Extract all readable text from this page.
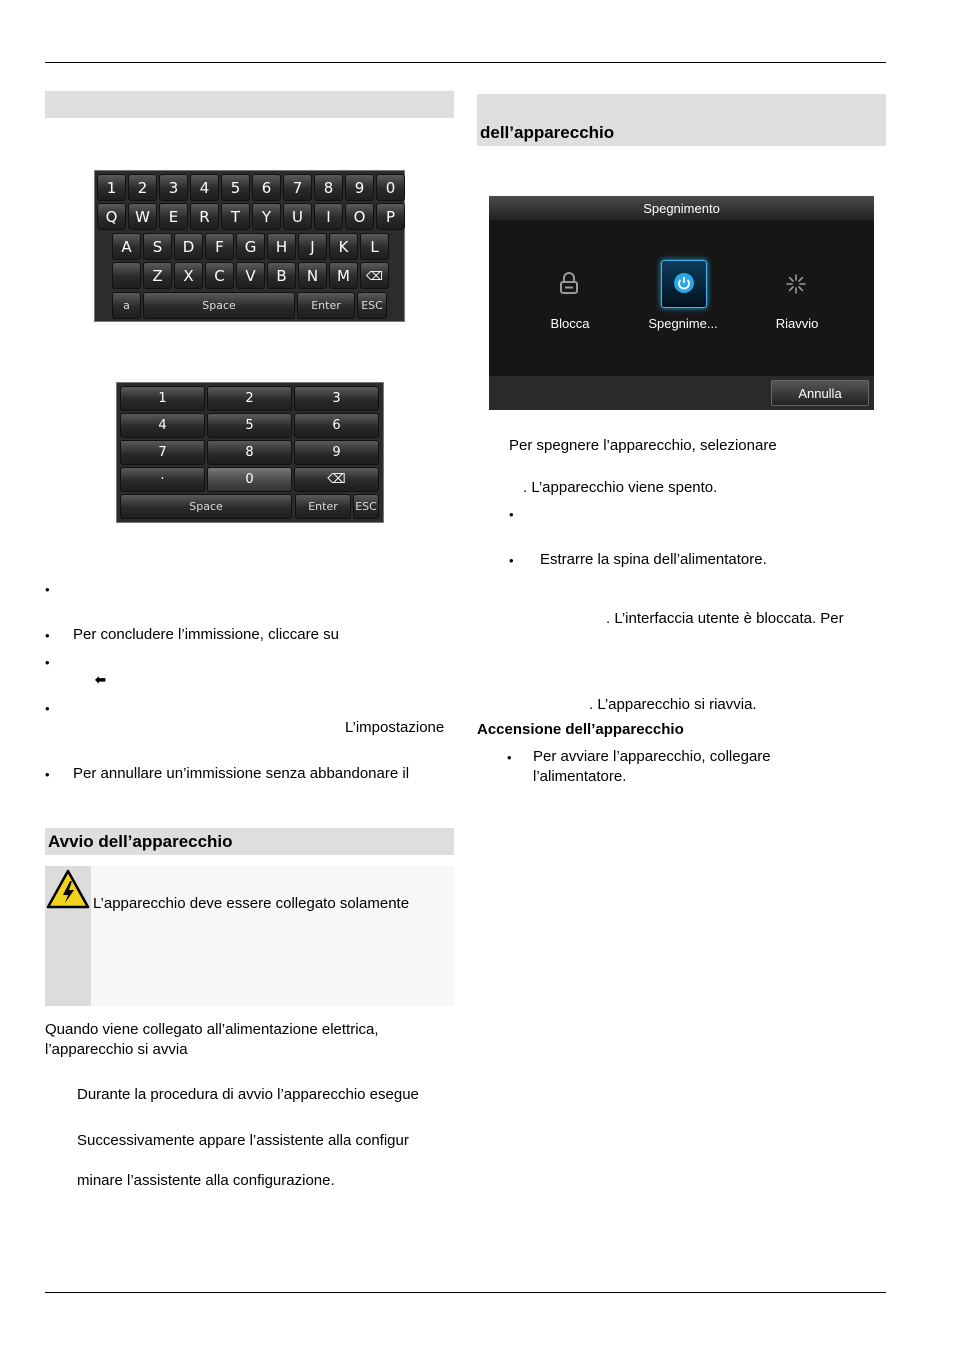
1	2	3	4	5	6	7	8	9	0
Q	W	E	R	T	Y	U	I	O	P
A	S	D	F	G	H	J	K	L
Z	X	C	V	B	N	M	⌫
a	Space	Enter	ESC
1	2	3
4	5	6
7	8	9
·	0	⌫
Space	Enter	ESC
•
• Per concludere l’immissione, cliccare su
•
⬅
•
L’impostazione
• Per annullare un’immissione senza abbandonare il
Avvio dell’apparecchio
L’apparecchio deve essere collegato solamente
Quando viene collegato all’alimentazione elettrica,
l’apparecchio si avvia
Durante la procedura di avvio l’apparecchio esegue
Successivamente appare l’assistente alla configur
minare l’assistente alla configurazione.
dell’apparecchio
Spegnimento
Blocca	Spegnime...	Riavvio
Annulla
Per spegnere l’apparecchio, selezionare
. L’apparecchio viene spento.
•
• Estrarre la spina dell’alimentatore.
. L’interfaccia utente è bloccata. Per
. L’apparecchio si riavvia.
Accensione dell’apparecchio
• Per avviare l’apparecchio, collegare
l’alimentatore.
